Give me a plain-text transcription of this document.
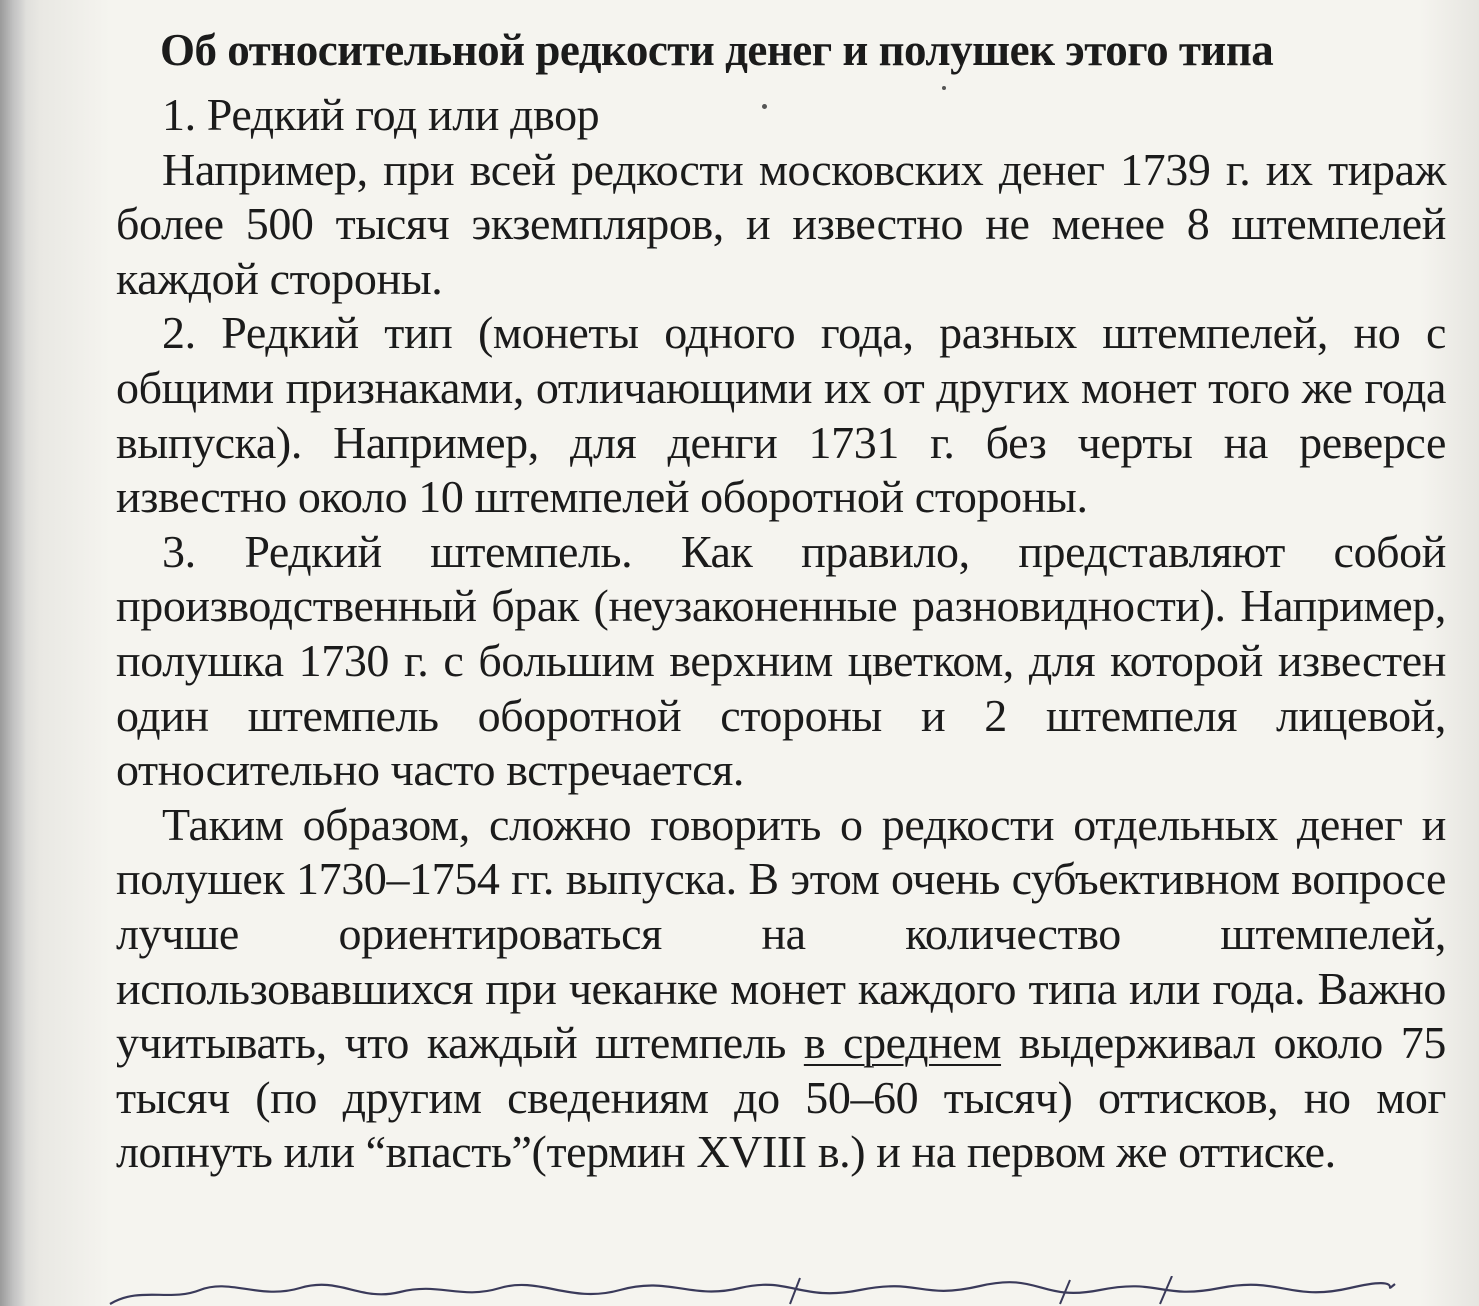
Об относительной редкости денег и полушек этого типа

1. Редкий год или двор

Например, при всей редкости московских денег 1739 г. их тираж более 500 тысяч экземпляров, и известно не менее 8 штемпелей каждой стороны.

2. Редкий тип (монеты одного года, разных штемпелей, но с общими признаками, отличающими их от других монет того же года выпуска). Например, для денги 1731 г. без черты на реверсе известно около 10 штемпелей оборотной стороны.

3. Редкий штемпель. Как правило, представляют собой производственный брак (неузаконенные разновидности). Например, полушка 1730 г. с большим верхним цветком, для которой известен один штемпель оборотной стороны и 2 штемпеля лицевой, относительно часто встречается.

Таким образом, сложно говорить о редкости отдельных денег и полушек 1730–1754 гг. выпуска. В этом очень субъективном вопросе лучше ориентироваться на количество штемпелей, использовавшихся при чеканке монет каждого типа или года. Важно учитывать, что каждый штемпель в среднем выдерживал около 75 тысяч (по другим сведениям до 50–60 тысяч) оттисков, но мог лопнуть или “впасть”(термин XVIII в.) и на первом же оттиске.
